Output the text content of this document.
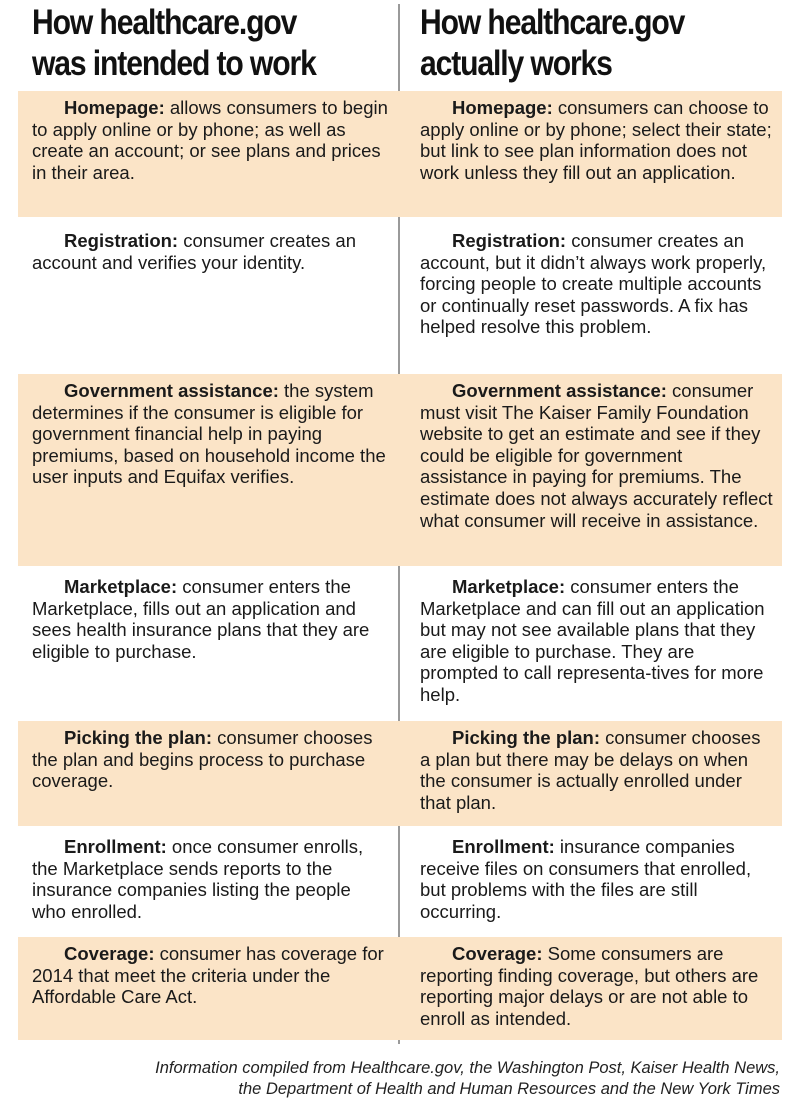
How healthcare.gov
was intended to work
How healthcare.gov
actually works
Homepage: allows consumers to begin to apply online or by phone; as well as create an account; or see plans and prices in their area.
Homepage: consumers can choose to apply online or by phone; select their state; but link to see plan information does not work unless they fill out an application.
Registration: consumer creates an account and verifies your identity.
Registration: consumer creates an account, but it didn’t always work properly, forcing people to create multiple accounts or continually reset passwords. A fix has helped resolve this problem.
Government assistance: the system determines if the consumer is eligible for government financial help in paying premiums, based on household income the user inputs and Equifax verifies.
Government assistance: consumer must visit The Kaiser Family Foundation website to get an estimate and see if they could be eligible for government assistance in paying for premiums. The estimate does not always accurately reflect what consumer will receive in assistance.
Marketplace: consumer enters the Marketplace, fills out an application and sees health insurance plans that they are eligible to purchase.
Marketplace: consumer enters the Marketplace and can fill out an application but may not see available plans that they are eligible to purchase. They are prompted to call representa-tives for more help.
Picking the plan: consumer chooses the plan and begins process to purchase coverage.
Picking the plan: consumer chooses a plan but there may be delays on when the consumer is actually enrolled under that plan.
Enrollment: once consumer enrolls, the Marketplace sends reports to the insurance companies listing the people who enrolled.
Enrollment: insurance companies receive files on consumers that enrolled, but problems with the files are still occurring.
Coverage: consumer has coverage for 2014 that meet the criteria under the Affordable Care Act.
Coverage: Some consumers are reporting finding coverage, but others are reporting major delays or are not able to enroll as intended.
Information compiled from Healthcare.gov, the Washington Post, Kaiser Health News,
the Department of Health and Human Resources and the New York Times
